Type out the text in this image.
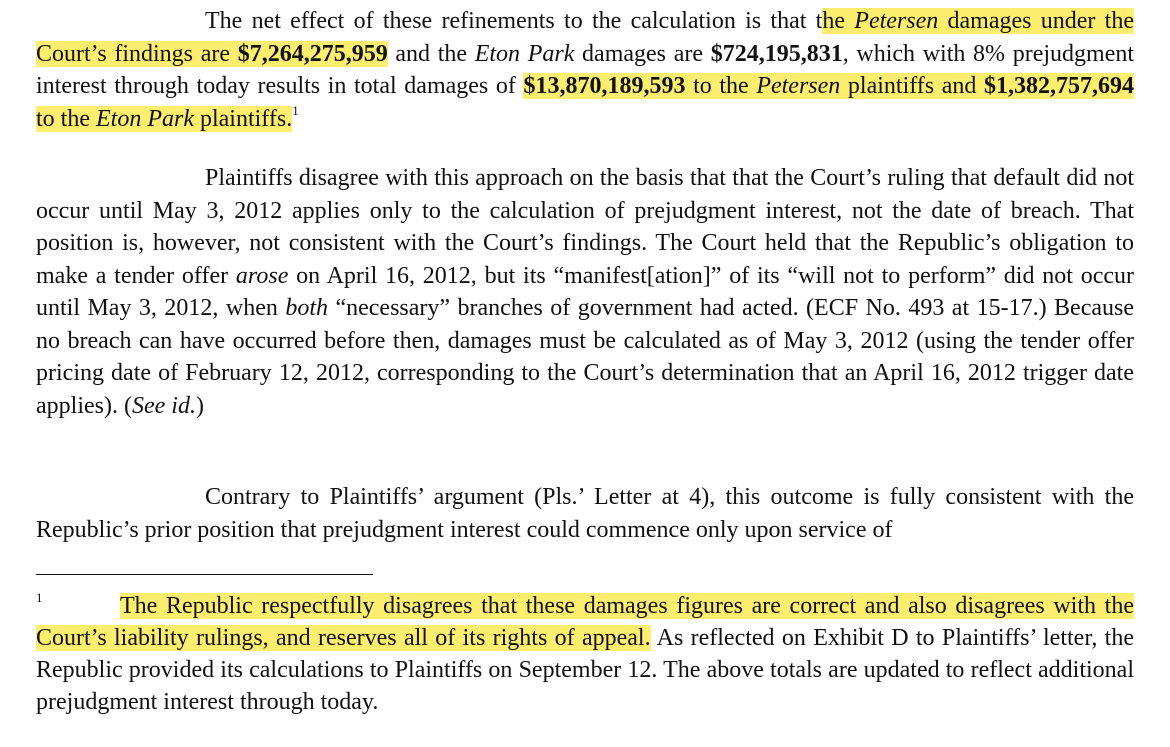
The net effect of these refinements to the calculation is that the Petersen damages under the Court’s findings are $7,264,275,959 and the Eton Park damages are $724,195,831, which with 8% prejudgment interest through today results in total damages of $13,870,189,593 to the Petersen plaintiffs and $1,382,757,694 to the Eton Park plaintiffs.$^1$

Plaintiffs disagree with this approach on the basis that that the Court’s ruling that default did not occur until May 3, 2012 applies only to the calculation of prejudgment interest, not the date of breach. That position is, however, not consistent with the Court’s findings. The Court held that the Republic’s obligation to make a tender offer arose on April 16, 2012, but its “manifest[ation]” of its “will not to perform” did not occur until May 3, 2012, when both “necessary” branches of government had acted. (ECF No. 493 at 15-17.) Because no breach can have occurred before then, damages must be calculated as of May 3, 2012 (using the tender offer pricing date of February 12, 2012, corresponding to the Court’s determination that an April 16, 2012 trigger date applies). (See id.)

Contrary to Plaintiffs’ argument (Pls.’ Letter at 4), this outcome is fully consistent with the Republic’s prior position that prejudgment interest could commence only upon service of

1	The Republic respectfully disagrees that these damages figures are correct and also disagrees with the Court’s liability rulings, and reserves all of its rights of appeal. As reflected on Exhibit D to Plaintiffs’ letter, the Republic provided its calculations to Plaintiffs on September 12. The above totals are updated to reflect additional prejudgment interest through today.
